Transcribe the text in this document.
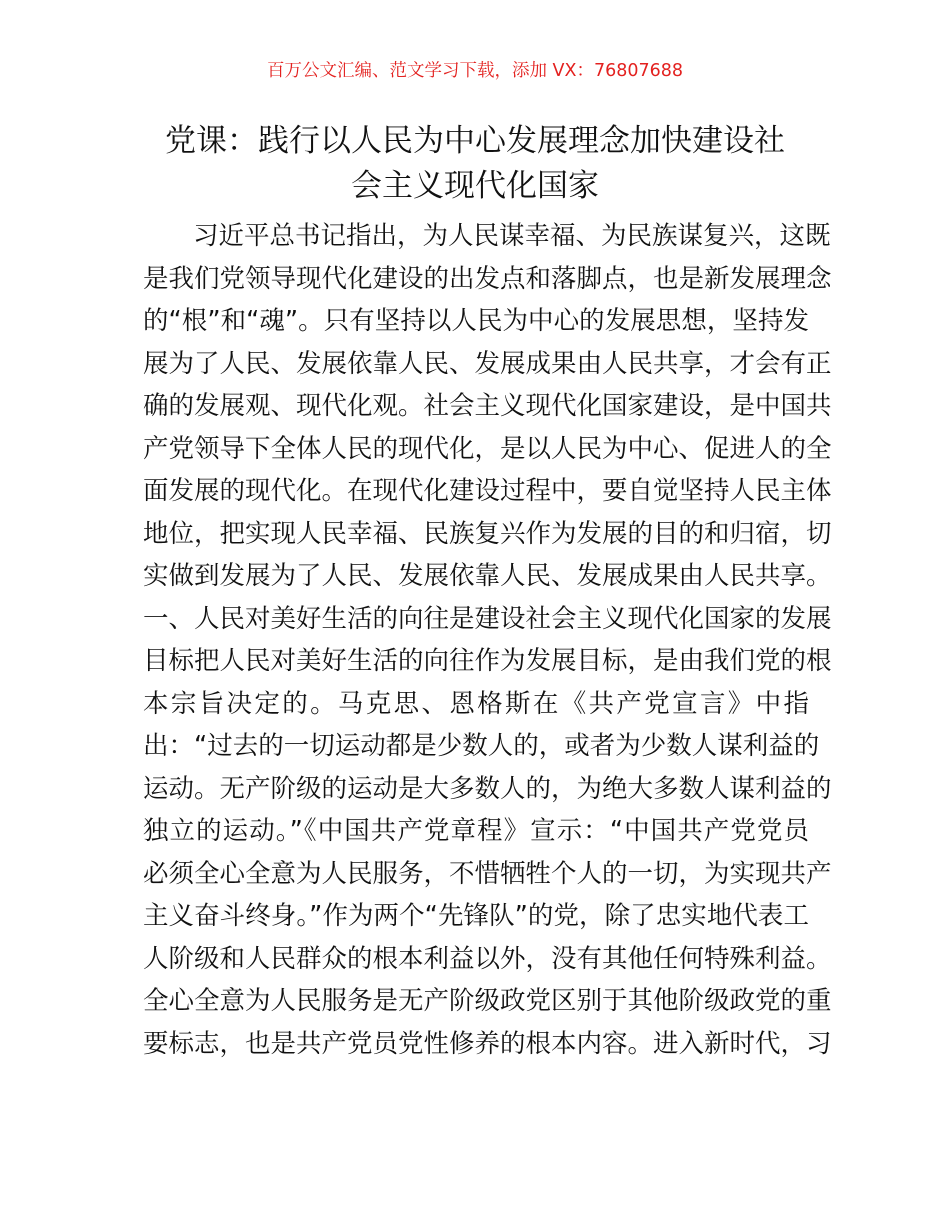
百万公文汇编、范文学习下载，添加 VX：76807688
党课：践行以人民为中心发展理念加快建设社
会主义现代化国家
习近平总书记指出，为人民谋幸福、为民族谋复兴，这既
是我们党领导现代化建设的出发点和落脚点，也是新发展理念
的“根”和“魂”。只有坚持以人民为中心的发展思想，坚持发
展为了人民、发展依靠人民、发展成果由人民共享，才会有正
确的发展观、现代化观。社会主义现代化国家建设，是中国共
产党领导下全体人民的现代化，是以人民为中心、促进人的全
面发展的现代化。在现代化建设过程中，要自觉坚持人民主体
地位，把实现人民幸福、民族复兴作为发展的目的和归宿，切
实做到发展为了人民、发展依靠人民、发展成果由人民共享。
一、人民对美好生活的向往是建设社会主义现代化国家的发展
目标把人民对美好生活的向往作为发展目标，是由我们党的根
本宗旨决定的。马克思、恩格斯在《共产党宣言》中指
出：“过去的一切运动都是少数人的，或者为少数人谋利益的
运动。无产阶级的运动是大多数人的，为绝大多数人谋利益的
独立的运动。”《中国共产党章程》宣示：“中国共产党党员
必须全心全意为人民服务，不惜牺牲个人的一切，为实现共产
主义奋斗终身。”作为两个“先锋队”的党，除了忠实地代表工
人阶级和人民群众的根本利益以外，没有其他任何特殊利益。
全心全意为人民服务是无产阶级政党区别于其他阶级政党的重
要标志，也是共产党员党性修养的根本内容。进入新时代，习
